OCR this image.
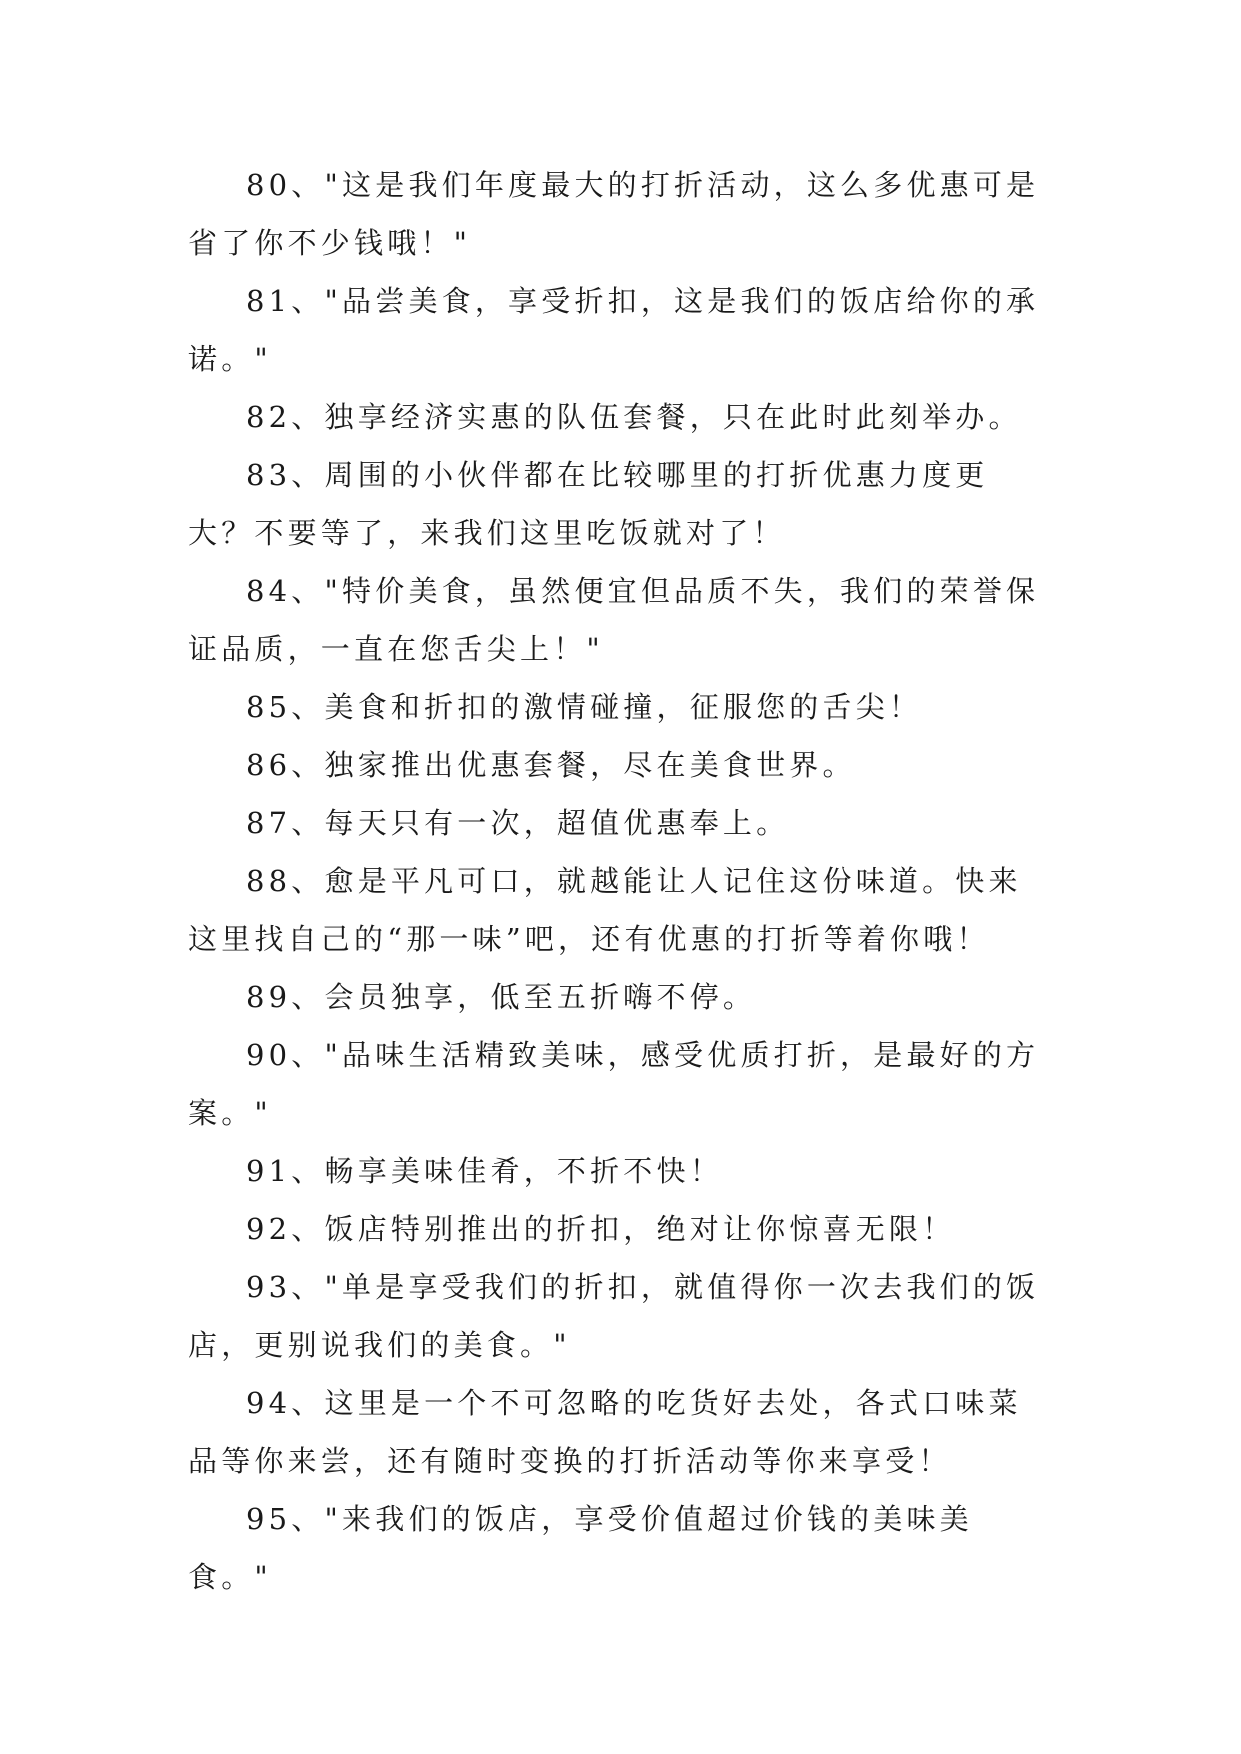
80、"这是我们年度最大的打折活动，这么多优惠可是省了你不少钱哦！"

81、"品尝美食，享受折扣，这是我们的饭店给你的承诺。"

82、独享经济实惠的队伍套餐，只在此时此刻举办。

83、周围的小伙伴都在比较哪里的打折优惠力度更大？不要等了，来我们这里吃饭就对了！

84、"特价美食，虽然便宜但品质不失，我们的荣誉保证品质，一直在您舌尖上！"

85、美食和折扣的激情碰撞，征服您的舌尖！

86、独家推出优惠套餐，尽在美食世界。

87、每天只有一次，超值优惠奉上。

88、愈是平凡可口，就越能让人记住这份味道。快来这里找自己的“那一味”吧，还有优惠的打折等着你哦！

89、会员独享，低至五折嗨不停。

90、"品味生活精致美味，感受优质打折，是最好的方案。"

91、畅享美味佳肴，不折不快！

92、饭店特别推出的折扣，绝对让你惊喜无限！

93、"单是享受我们的折扣，就值得你一次去我们的饭店，更别说我们的美食。"

94、这里是一个不可忽略的吃货好去处，各式口味菜品等你来尝，还有随时变换的打折活动等你来享受！

95、"来我们的饭店，享受价值超过价钱的美味美食。"
